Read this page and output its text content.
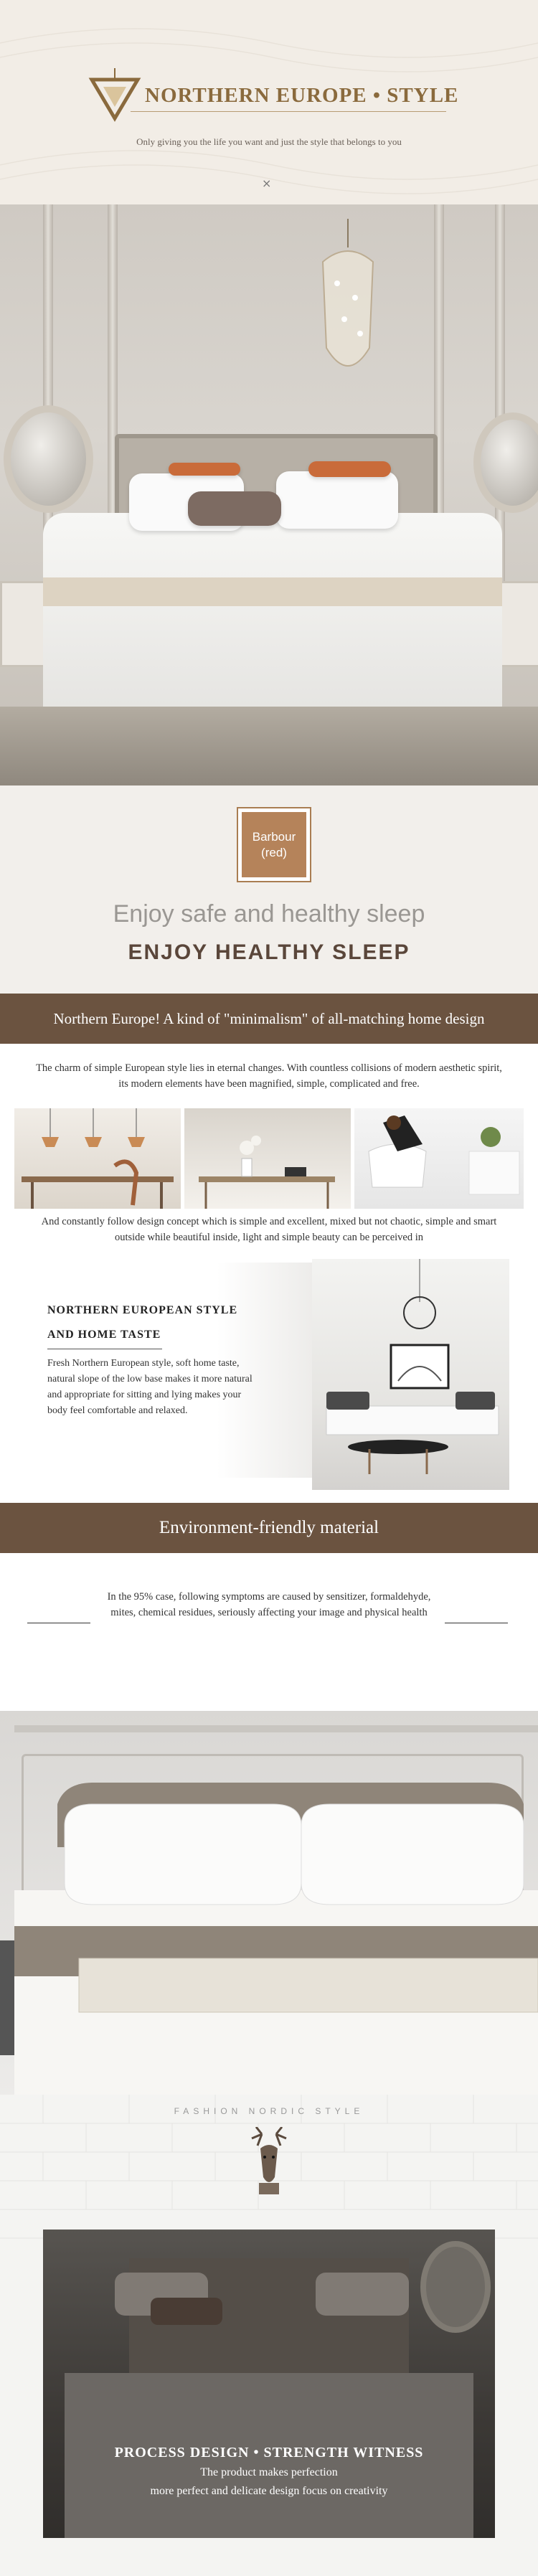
NORTHERN EUROPE • STYLE
Only giving you the life you want and just the style that belongs to you
×
Barbour
(red)
Enjoy safe and healthy sleep
ENJOY HEALTHY SLEEP
Northern Europe! A kind of "minimalism" of all-matching home design

The charm of simple European style lies in eternal changes. With countless collisions of modern aesthetic spirit, its modern elements have been magnified, simple, complicated and free.

And constantly follow design concept which is simple and excellent, mixed but not chaotic, simple and smart outside while beautiful inside, light and simple beauty can be perceived in

NORTHERN EUROPEAN STYLE
AND HOME TASTE

Fresh Northern European style, soft home taste, natural slope of the low base makes it more natural and appropriate for sitting and lying makes your body feel comfortable and relaxed.

Environment-friendly material

In the 95% case, following symptoms are caused by sensitizer, formaldehyde, mites, chemical residues, seriously affecting your image and physical health

FASHION NORDIC STYLE
PROCESS DESIGN • STRENGTH WITNESS
The product makes perfection
more perfect and delicate design focus on creativity
